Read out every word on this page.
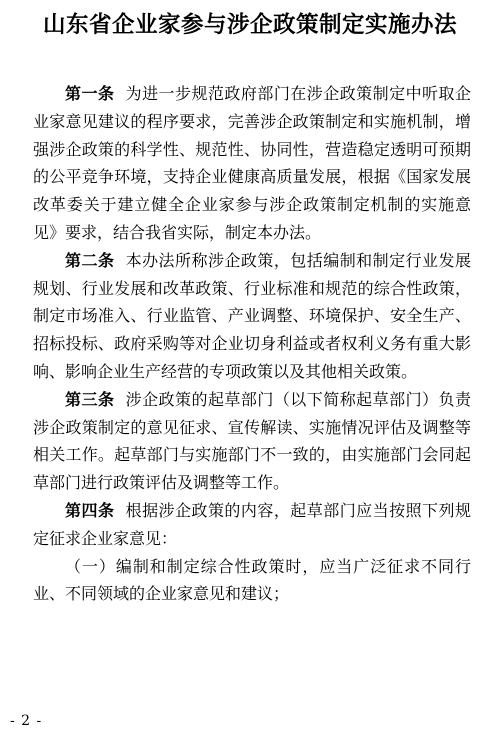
山东省企业家参与涉企政策制定实施办法

第一条 为进一步规范政府部门在涉企政策制定中听取企业家意见建议的程序要求，完善涉企政策制定和实施机制，增强涉企政策的科学性、规范性、协同性，营造稳定透明可预期的公平竞争环境，支持企业健康高质量发展，根据《国家发展改革委关于建立健全企业家参与涉企政策制定机制的实施意见》要求，结合我省实际，制定本办法。

第二条 本办法所称涉企政策，包括编制和制定行业发展规划、行业发展和改革政策、行业标准和规范的综合性政策，制定市场准入、行业监管、产业调整、环境保护、安全生产、招标投标、政府采购等对企业切身利益或者权利义务有重大影响、影响企业生产经营的专项政策以及其他相关政策。

第三条 涉企政策的起草部门（以下简称起草部门）负责涉企政策制定的意见征求、宣传解读、实施情况评估及调整等相关工作。起草部门与实施部门不一致的，由实施部门会同起草部门进行政策评估及调整等工作。

第四条 根据涉企政策的内容，起草部门应当按照下列规定征求企业家意见：

（一）编制和制定综合性政策时，应当广泛征求不同行业、不同领域的企业家意见和建议；

- 2 -
